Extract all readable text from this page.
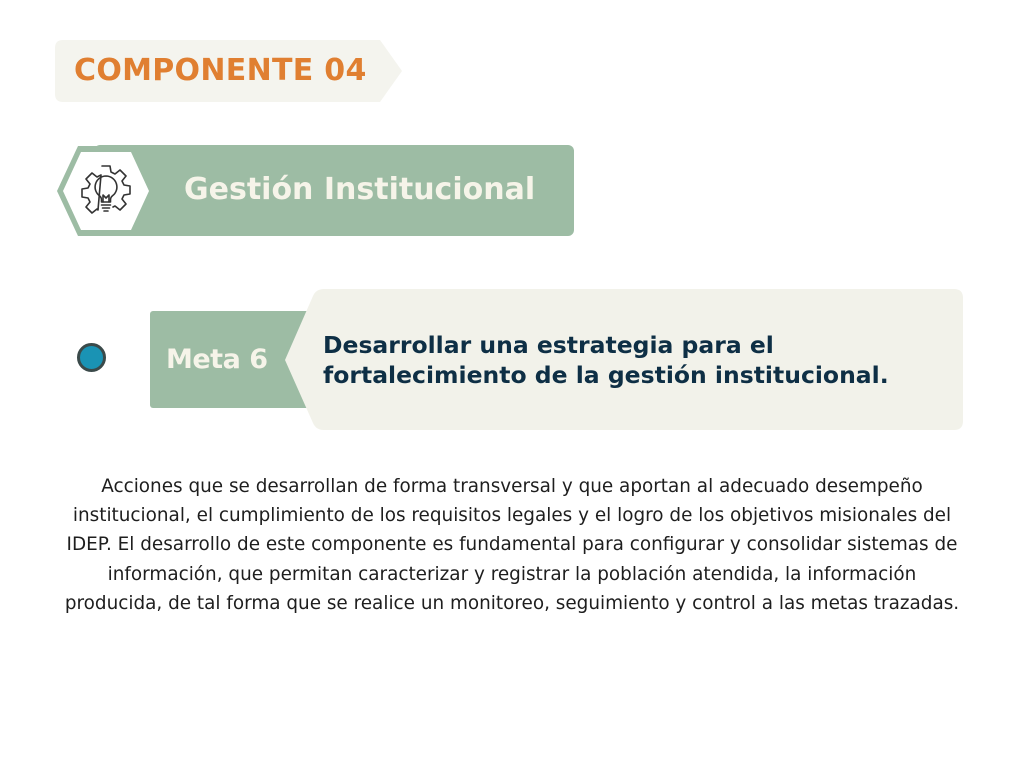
COMPONENTE 04
Gestión Institucional
Meta 6 Desarrollar una estrategia para el fortalecimiento de la gestión institucional.
Acciones que se desarrollan de forma transversal y que aportan al adecuado desempeño institucional, el cumplimiento de los requisitos legales y el logro de los objetivos misionales del IDEP. El desarrollo de este componente es fundamental para configurar y consolidar sistemas de información, que permitan caracterizar y registrar la población atendida, la información producida, de tal forma que se realice un monitoreo, seguimiento y control a las metas trazadas.
